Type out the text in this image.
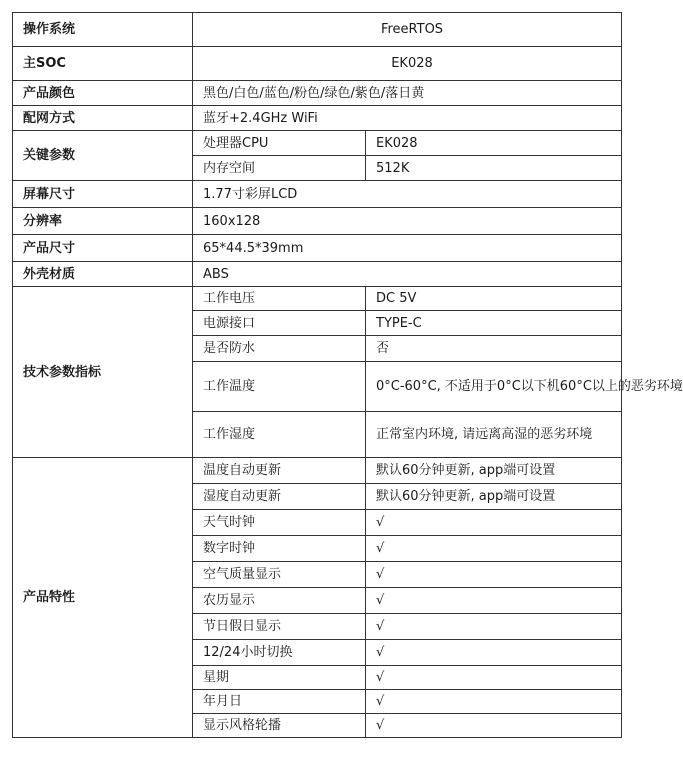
操作系统	FreeRTOS	
主SOC	EK028	
产品颜色	黑色/白色/蓝色/粉色/绿色/紫色/落日黄	
配网方式	蓝牙+2.4GHz WiFi	
关键参数	处理器CPU	EK028
	内存空间	512K
屏幕尺寸	1.77寸彩屏LCD	
分辨率	160x128	
产品尺寸	65*44.5*39mm	
外壳材质	ABS	
技术参数指标	工作电压	DC 5V
	电源接口	TYPE-C
	是否防水	否
	工作温度	0°C-60°C, 不适用于0°C以下机60°C以上的恶劣环境
	工作湿度	正常室内环境, 请远离高湿的恶劣环境
产品特性	温度自动更新	默认60分钟更新, app端可设置
	湿度自动更新	默认60分钟更新, app端可设置
	天气时钟	√
	数字时钟	√
	空气质量显示	√
	农历显示	√
	节日假日显示	√
	12/24小时切换	√
	星期	√
	年月日	√
	显示风格轮播	√
